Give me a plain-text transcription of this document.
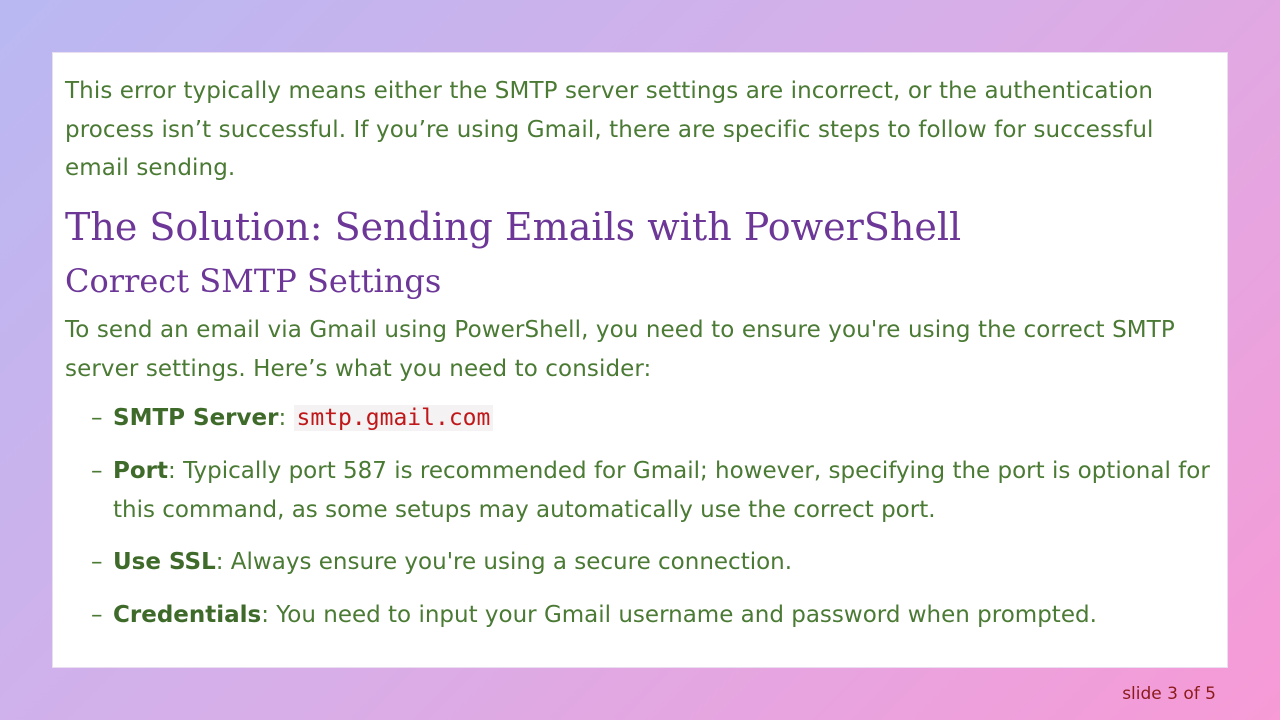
This error typically means either the SMTP server settings are incorrect, or the authentication process isn’t successful. If you’re using Gmail, there are specific steps to follow for successful email sending.

The Solution: Sending Emails with PowerShell
Correct SMTP Settings

To send an email via Gmail using PowerShell, you need to ensure you're using the correct SMTP server settings. Here’s what you need to consider:

– SMTP Server: smtp.gmail.com
– Port: Typically port 587 is recommended for Gmail; however, specifying the port is optional for this command, as some setups may automatically use the correct port.
– Use SSL: Always ensure you're using a secure connection.
– Credentials: You need to input your Gmail username and password when prompted.
slide 3 of 5
